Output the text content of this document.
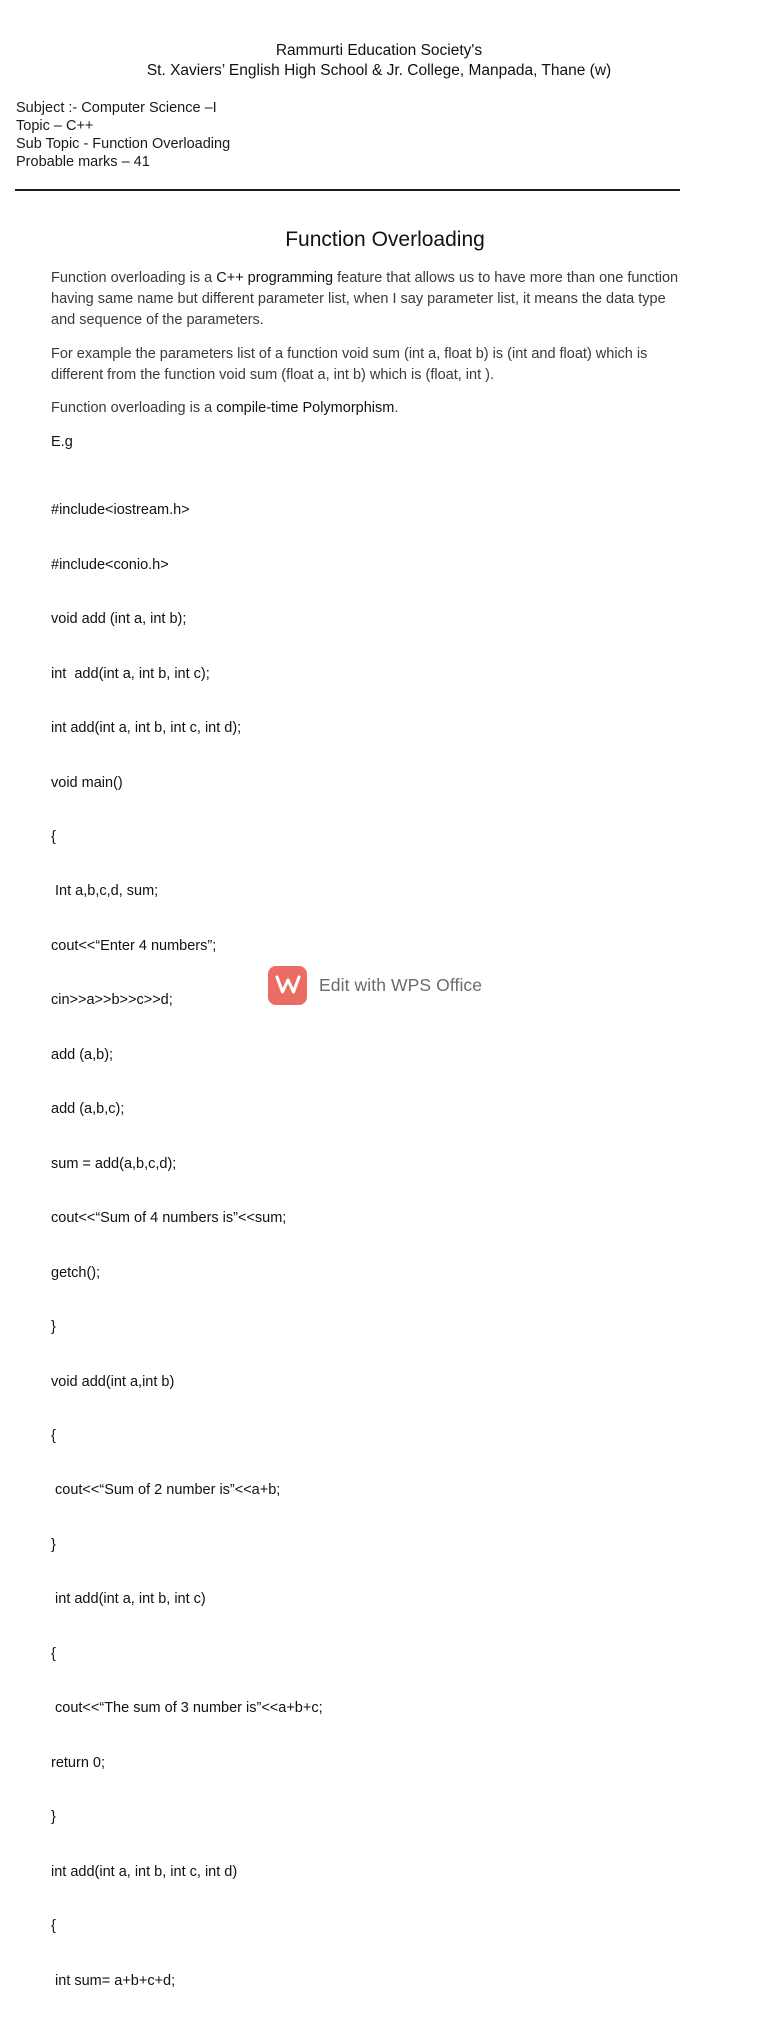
Rammurti Education Society's
St. Xaviers’ English High School & Jr. College, Manpada, Thane (w)
Subject :- Computer Science –I
Topic – C++
Sub Topic - Function Overloading
Probable marks – 41
Function Overloading

Function overloading is a C++ programming feature that allows us to have more than one function having same name but different parameter list, when I say parameter list, it means the data type and sequence of the parameters.

For example the parameters list of a function void sum (int a, float b) is (int and float) which is different from the function void sum (float a, int b) which is (float, int ).

Function overloading is a compile-time Polymorphism.

E.g

#include<iostream.h>

#include<conio.h>

void add (int a, int b);

int  add(int a, int b, int c);

int add(int a, int b, int c, int d);

void main()

{

Int a,b,c,d, sum;

cout<<“Enter 4 numbers”;

cin>>a>>b>>c>>d;

add (a,b);

add (a,b,c);

sum = add(a,b,c,d);

cout<<“Sum of 4 numbers is”<<sum;

getch();

}

void add(int a,int b)

{

cout<<“Sum of 2 number is”<<a+b;

}

int add(int a, int b, int c)

{

cout<<“The sum of 3 number is”<<a+b+c;

return 0;

}

int add(int a, int b, int c, int d)

{

int sum= a+b+c+d;

Edit with WPS Office
